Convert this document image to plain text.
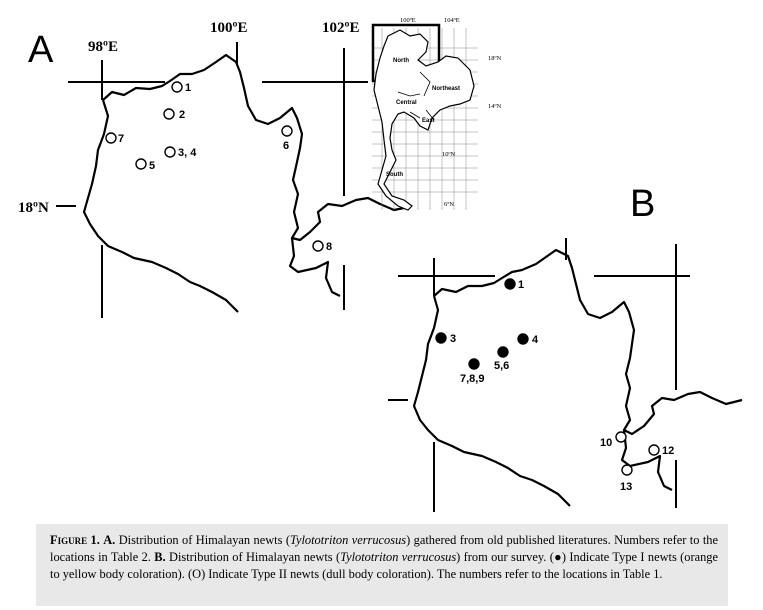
A 98ºE
100ºE	102ºE
18ºN
1
2
3, 4
5
6
7
8
100ºE	104ºE
18ºN
14ºN
10ºN
6ºN
North
Northeast
Central
East
South
B
1
3	4
5,6
7,8,9
10
12
13

Figure 1. A. Distribution of Himalayan newts (Tylototriton verrucosus) gathered from old published literatures. Numbers refer to the locations in Table 2. B. Distribution of Himalayan newts (Tylototriton verrucosus) from our survey. (●) Indicate Type I newts (orange to yellow body coloration). (O) Indicate Type II newts (dull body coloration). The numbers refer to the locations in Table 1.
